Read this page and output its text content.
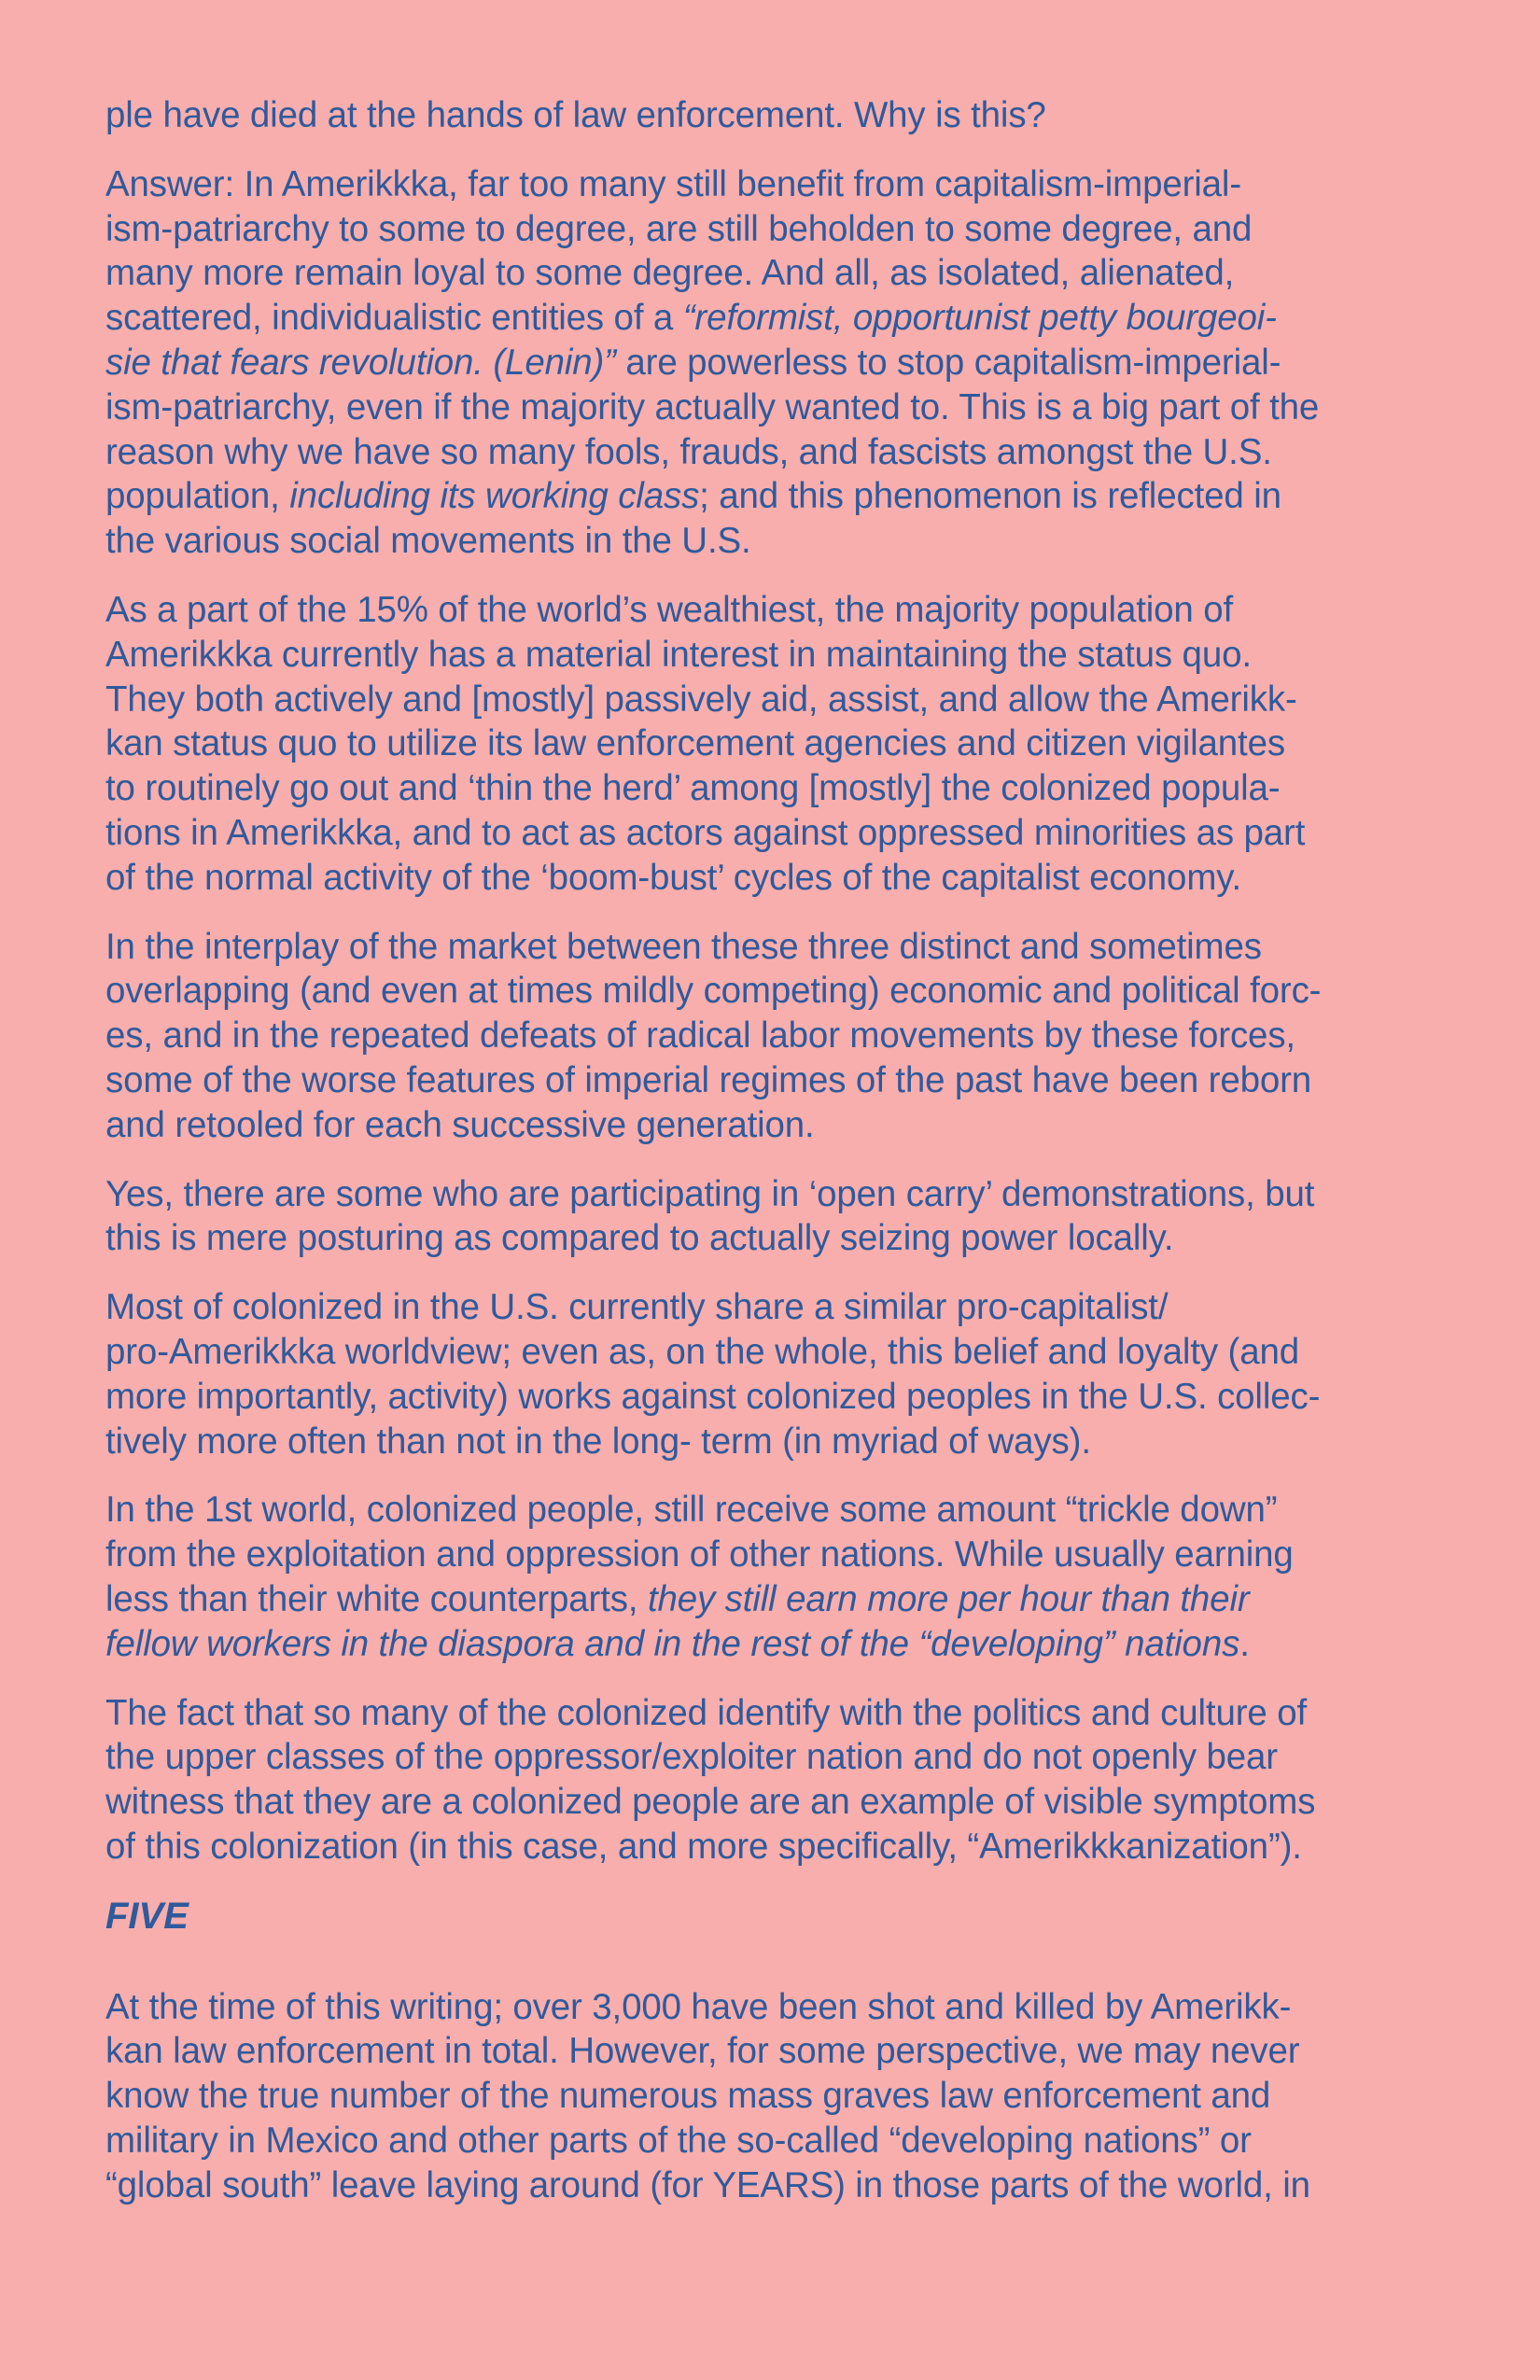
ple have died at the hands of law enforcement. Why is this?
Answer: In Amerikkka, far too many still benefit from capitalism-imperial-
ism-patriarchy to some to degree, are still beholden to some degree, and
many more remain loyal to some degree. And all, as isolated, alienated,
scattered, individualistic entities of a “reformist, opportunist petty bourgeoi-
sie that fears revolution. (Lenin)” are powerless to stop capitalism-imperial-
ism-patriarchy, even if the majority actually wanted to. This is a big part of the
reason why we have so many fools, frauds, and fascists amongst the U.S.
population, including its working class; and this phenomenon is reflected in
the various social movements in the U.S.
As a part of the 15% of the world’s wealthiest, the majority population of
Amerikkka currently has a material interest in maintaining the status quo.
They both actively and [mostly] passively aid, assist, and allow the Amerikk-
kan status quo to utilize its law enforcement agencies and citizen vigilantes
to routinely go out and ‘thin the herd’ among [mostly] the colonized popula-
tions in Amerikkka, and to act as actors against oppressed minorities as part
of the normal activity of the ‘boom-bust’ cycles of the capitalist economy.
In the interplay of the market between these three distinct and sometimes
overlapping (and even at times mildly competing) economic and political forc-
es, and in the repeated defeats of radical labor movements by these forces,
some of the worse features of imperial regimes of the past have been reborn
and retooled for each successive generation.
Yes, there are some who are participating in ‘open carry’ demonstrations, but
this is mere posturing as compared to actually seizing power locally.
Most of colonized in the U.S. currently share a similar pro-capitalist/
pro-Amerikkka worldview; even as, on the whole, this belief and loyalty (and
more importantly, activity) works against colonized peoples in the U.S. collec-
tively more often than not in the long- term (in myriad of ways).
In the 1st world, colonized people, still receive some amount “trickle down”
from the exploitation and oppression of other nations. While usually earning
less than their white counterparts, they still earn more per hour than their
fellow workers in the diaspora and in the rest of the “developing” nations.
The fact that so many of the colonized identify with the politics and culture of
the upper classes of the oppressor/exploiter nation and do not openly bear
witness that they are a colonized people are an example of visible symptoms
of this colonization (in this case, and more specifically, “Amerikkkanization”).
FIVE
At the time of this writing; over 3,000 have been shot and killed by Amerikk-
kan law enforcement in total. However, for some perspective, we may never
know the true number of the numerous mass graves law enforcement and
military in Mexico and other parts of the so-called “developing nations” or
“global south” leave laying around (for YEARS) in those parts of the world, in
